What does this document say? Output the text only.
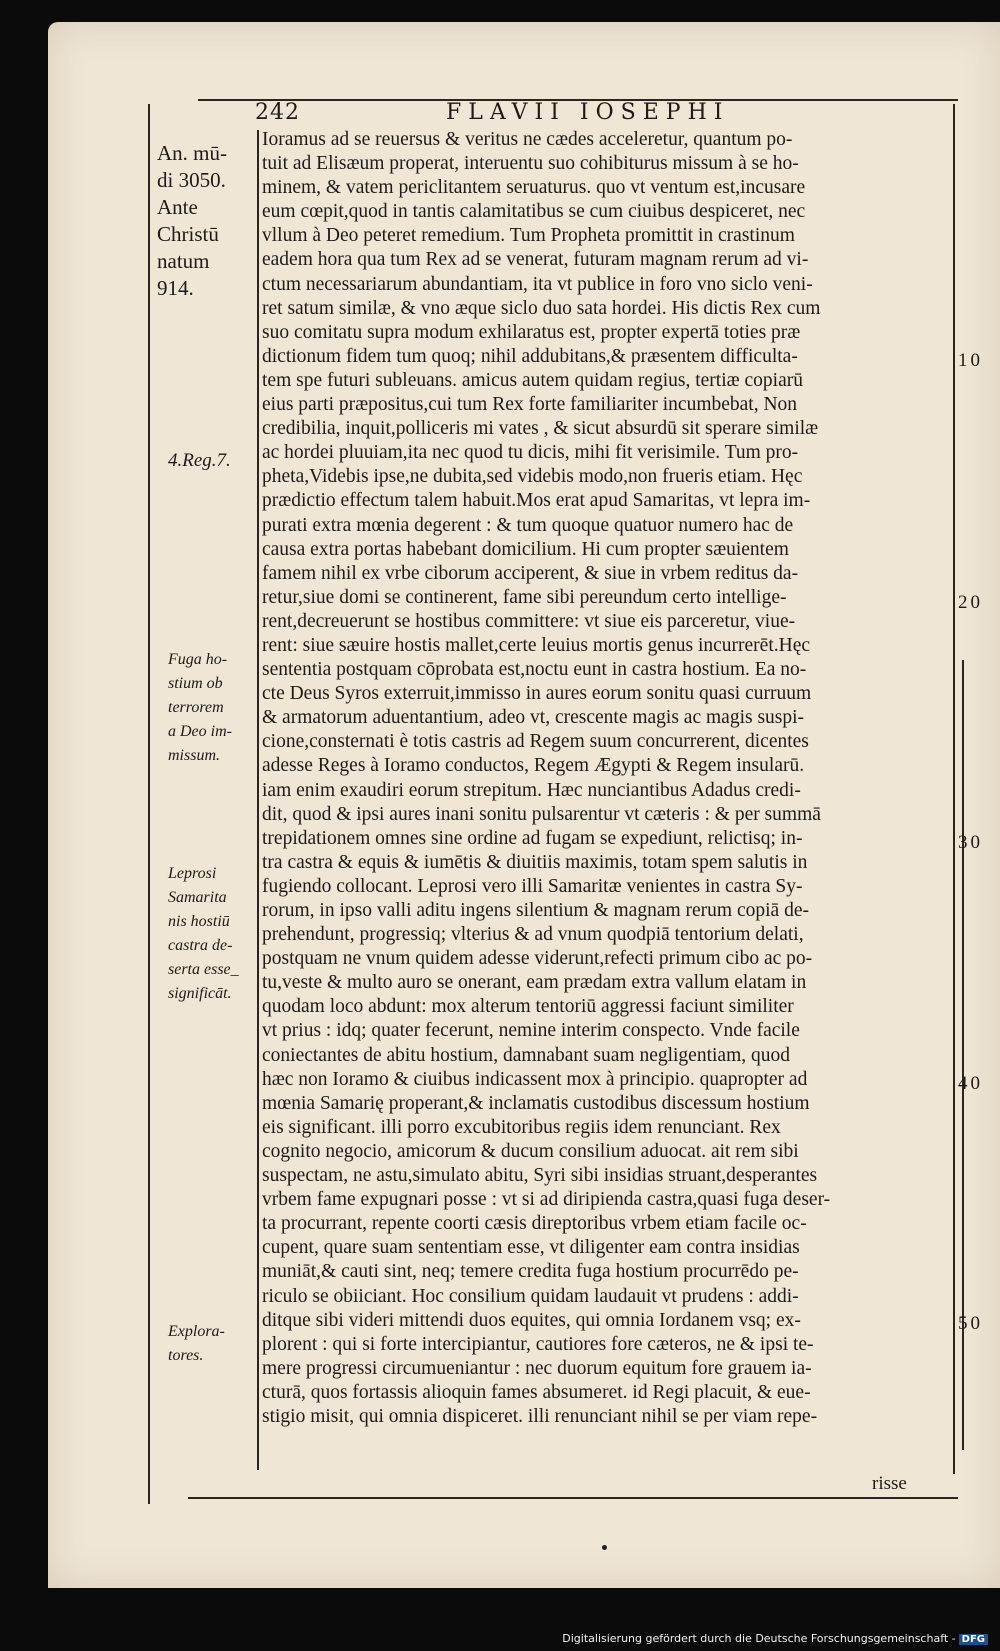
242	FLAVII IOSEPHI
An. mū-
di 3050.
Ante
Christū
natum
914.
4.Reg.7.
Fuga ho-
stium ob
terrorem
a Deo im-
missum.
Leprosi
Samarita
nis hostiū
castra de-
serta esse_
significāt.
Explora-
tores.
10
20
30
40
50
Ioramus ad se reuersus & veritus ne cædes acceleretur, quantum po-
tuit ad Elisæum properat, interuentu suo cohibiturus missum à se ho-
minem, & vatem periclitantem seruaturus. quo vt ventum est,incusare
eum cœpit,quod in tantis calamitatibus se cum ciuibus despiceret, nec
vllum à Deo peteret remedium. Tum Propheta promittit in crastinum
eadem hora qua tum Rex ad se venerat, futuram magnam rerum ad vi-
ctum necessariarum abundantiam, ita vt publice in foro vno siclo veni-
ret satum similæ, & vno æque siclo duo sata hordei. His dictis Rex cum
suo comitatu supra modum exhilaratus est, propter expertā toties præ
dictionum fidem tum quoq; nihil addubitans,& præsentem difficulta-
tem spe futuri subleuans. amicus autem quidam regius, tertiæ copiarū
eius parti præpositus,cui tum Rex forte familiariter incumbebat, Non
credibilia, inquit,polliceris mi vates , & sicut absurdū sit sperare similæ
ac hordei pluuiam,ita nec quod tu dicis, mihi fit verisimile. Tum pro-
pheta,Videbis ipse,ne dubita,sed videbis modo,non frueris etiam. Hęc
prædictio effectum talem habuit.Mos erat apud Samaritas, vt lepra im-
purati extra mœnia degerent : & tum quoque quatuor numero hac de
causa extra portas habebant domicilium. Hi cum propter sæuientem
famem nihil ex vrbe ciborum acciperent, & siue in vrbem reditus da-
retur,siue domi se continerent, fame sibi pereundum certo intellige-
rent,decreuerunt se hostibus committere: vt siue eis parceretur, viue-
rent: siue sæuire hostis mallet,certe leuius mortis genus incurrerēt.Hęc
sententia postquam cōprobata est,noctu eunt in castra hostium. Ea no-
cte Deus Syros exterruit,immisso in aures eorum sonitu quasi curruum
& armatorum aduentantium, adeo vt, crescente magis ac magis suspi-
cione,consternati è totis castris ad Regem suum concurrerent, dicentes
adesse Reges à Ioramo conductos, Regem Ægypti & Regem insularū.
iam enim exaudiri eorum strepitum. Hæc nunciantibus Adadus credi-
dit, quod & ipsi aures inani sonitu pulsarentur vt cæteris : & per summā
trepidationem omnes sine ordine ad fugam se expediunt, relictisq; in-
tra castra & equis & iumētis & diuitiis maximis, totam spem salutis in
fugiendo collocant. Leprosi vero illi Samaritæ venientes in castra Sy-
rorum, in ipso valli aditu ingens silentium & magnam rerum copiā de-
prehendunt, progressiq; vlterius & ad vnum quodpiā tentorium delati,
postquam ne vnum quidem adesse viderunt,refecti primum cibo ac po-
tu,veste & multo auro se onerant, eam prædam extra vallum elatam in
quodam loco abdunt: mox alterum tentoriū aggressi faciunt similiter
vt prius : idq; quater fecerunt, nemine interim conspecto. Vnde facile
coniectantes de abitu hostium, damnabant suam negligentiam, quod
hæc non Ioramo & ciuibus indicassent mox à principio. quapropter ad
mœnia Samarię properant,& inclamatis custodibus discessum hostium
eis significant. illi porro excubitoribus regiis idem renunciant. Rex
cognito negocio, amicorum & ducum consilium aduocat. ait rem sibi
suspectam, ne astu,simulato abitu, Syri sibi insidias struant,desperantes
vrbem fame expugnari posse : vt si ad diripienda castra,quasi fuga deser-
ta procurrant, repente coorti cæsis direptoribus vrbem etiam facile oc-
cupent, quare suam sententiam esse, vt diligenter eam contra insidias
muniāt,& cauti sint, neq; temere credita fuga hostium procurrēdo pe-
riculo se obiiciant. Hoc consilium quidam laudauit vt prudens : addi-
ditque sibi videri mittendi duos equites, qui omnia Iordanem vsq; ex-
plorent : qui si forte intercipiantur, cautiores fore cæteros, ne & ipsi te-
mere progressi circumueniantur : nec duorum equitum fore grauem ia-
cturā, quos fortassis alioquin fames absumeret. id Regi placuit, & eue-
stigio misit, qui omnia dispiceret. illi renunciant nihil se per viam repe-
risse
Digitalisierung gefördert durch die Deutsche Forschungsgemeinschaft - DFG
